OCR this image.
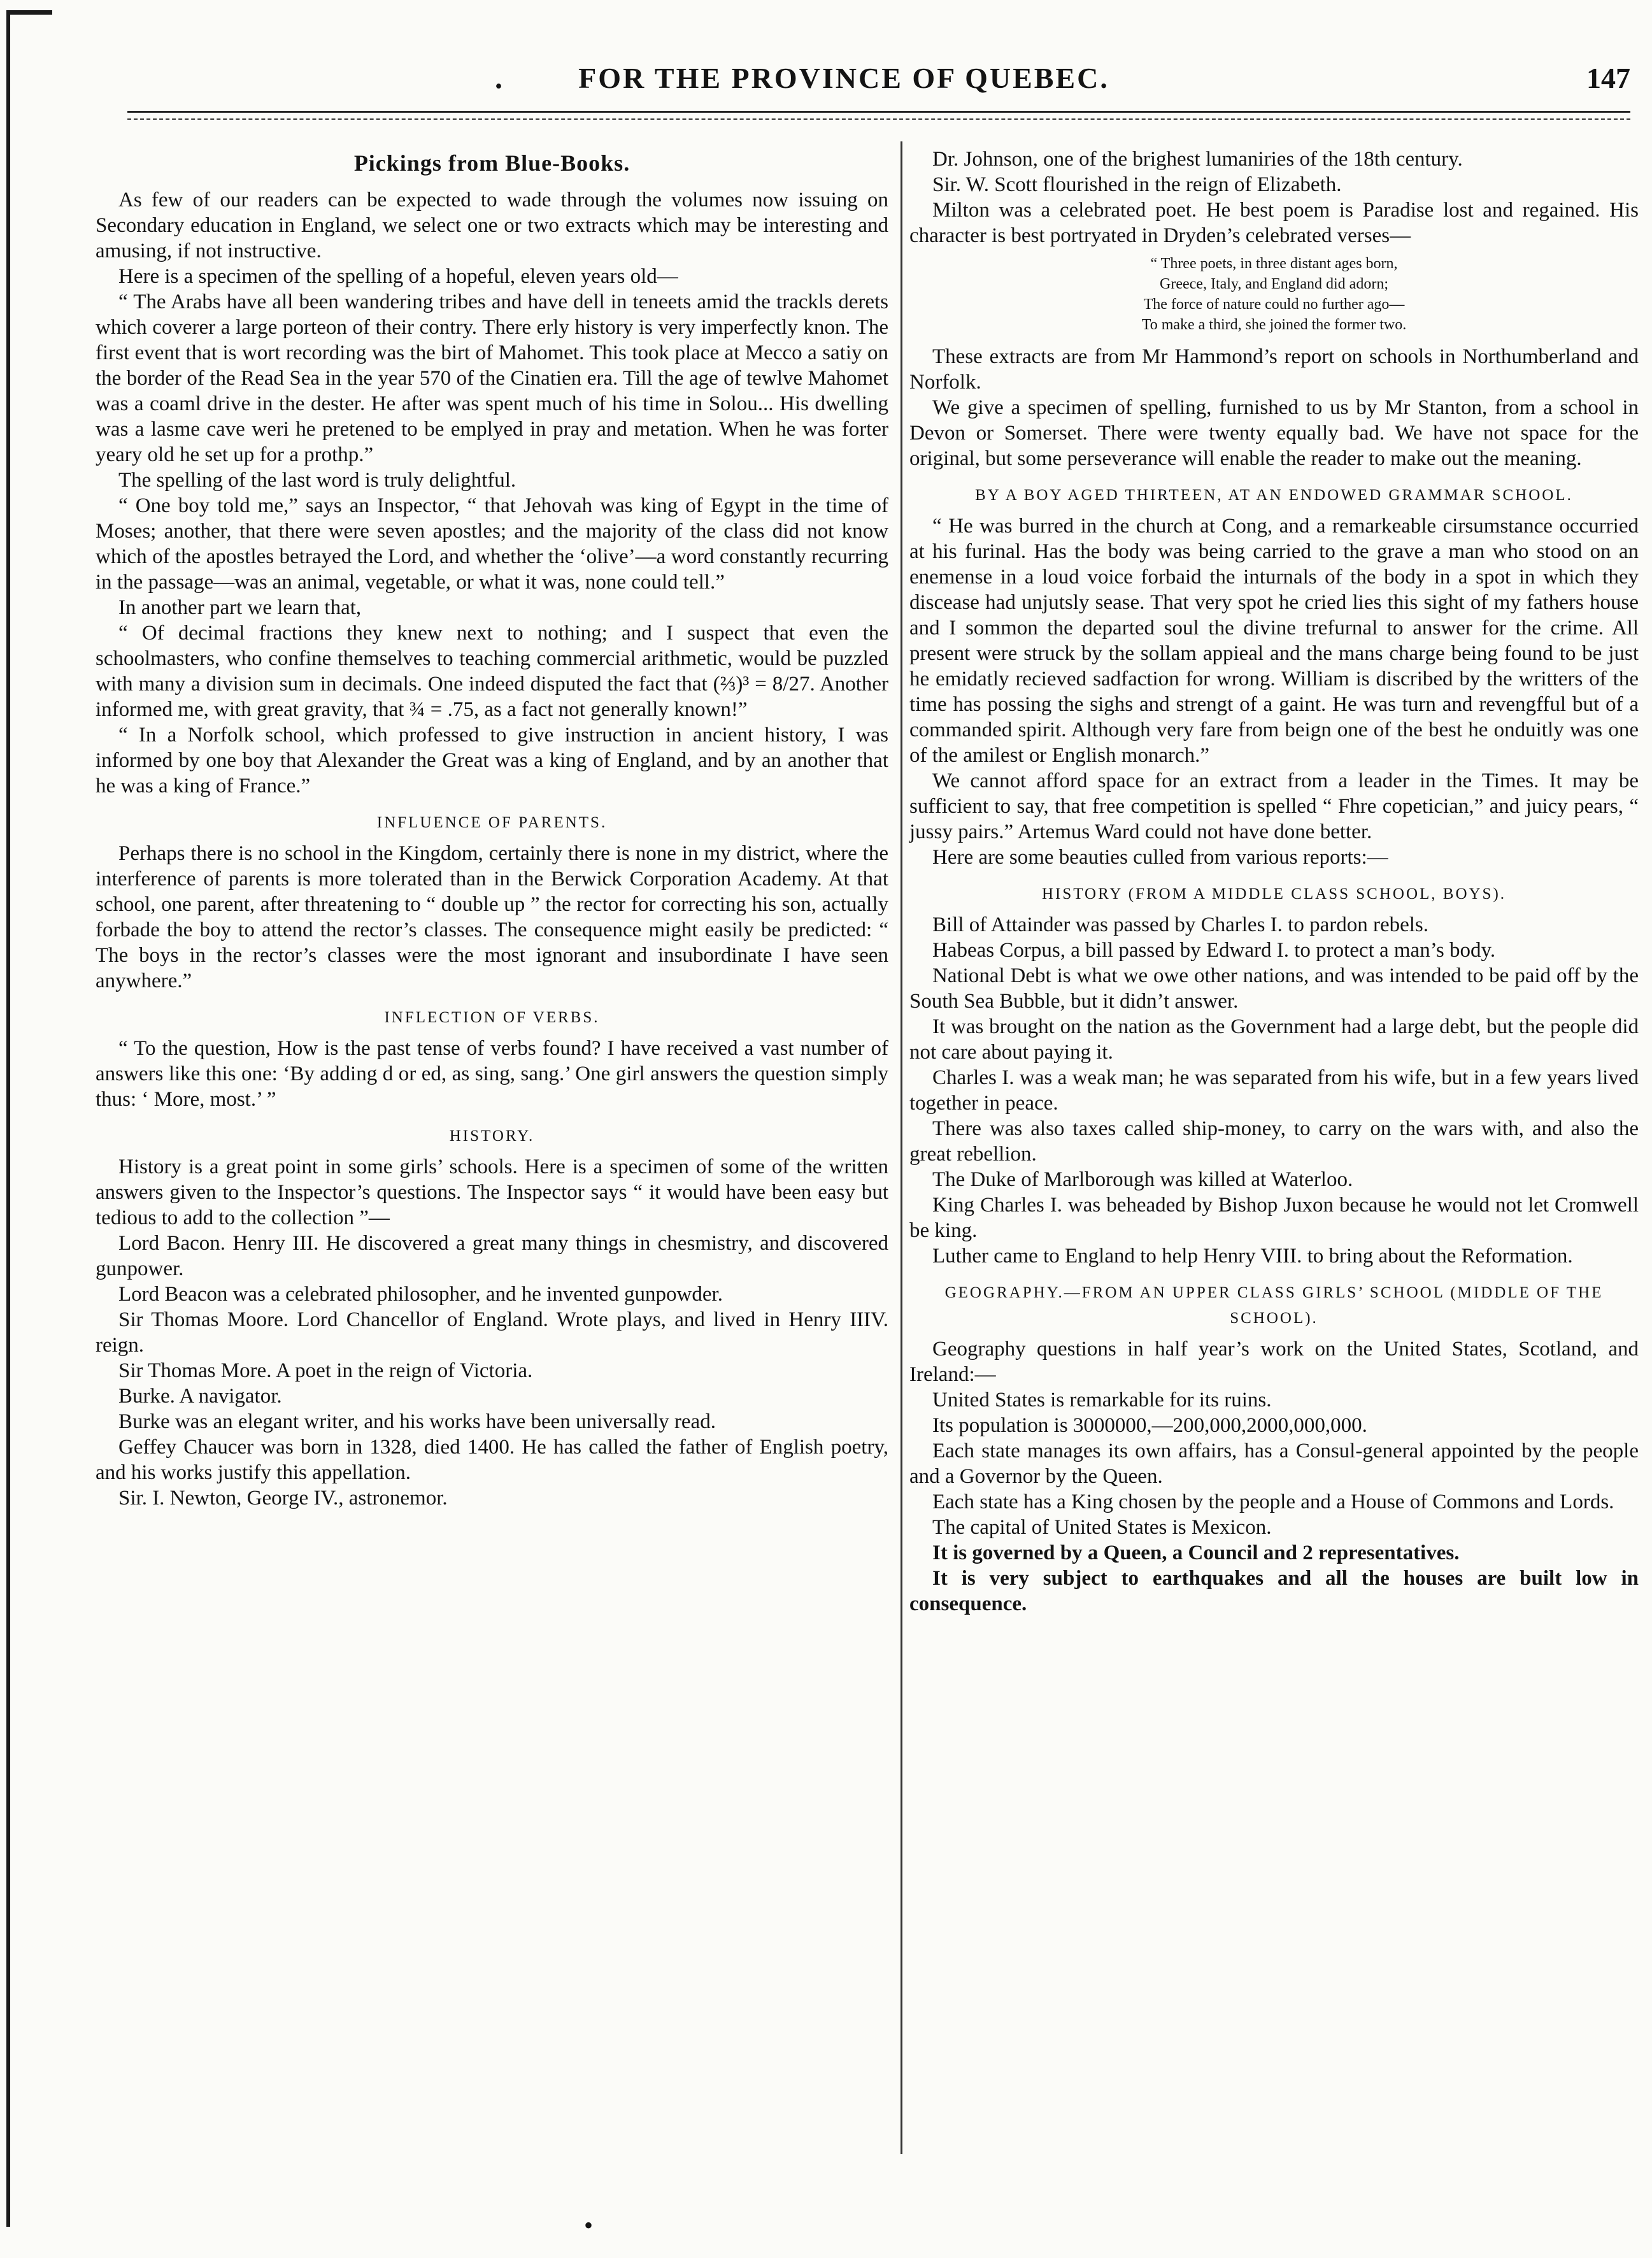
·	FOR THE PROVINCE OF QUEBEC.	147
Pickings from Blue-Books.

As few of our readers can be expected to wade through the volumes now issuing on Secondary education in England, we select one or two extracts which may be interesting and amusing, if not instructive.

Here is a specimen of the spelling of a hopeful, eleven years old—

“ The Arabs have all been wandering tribes and have dell in teneets amid the trackls derets which coverer a large porteon of their contry. There erly history is very imperfectly knon. The first event that is wort recording was the birt of Mahomet. This took place at Mecco a satiy on the border of the Read Sea in the year 570 of the Cinatien era. Till the age of tewlve Mahomet was a coaml drive in the dester. He after was spent much of his time in Solou... His dwelling was a lasme cave weri he pretened to be emplyed in pray and metation. When he was forter yeary old he set up for a prothp.”

The spelling of the last word is truly delightful.

“ One boy told me,” says an Inspector, “ that Jehovah was king of Egypt in the time of Moses; another, that there were seven apostles; and the majority of the class did not know which of the apostles betrayed the Lord, and whether the ‘olive’—a word constantly recurring in the passage—was an animal, vegetable, or what it was, none could tell.”

In another part we learn that,

“ Of decimal fractions they knew next to nothing; and I suspect that even the schoolmasters, who confine themselves to teaching commercial arithmetic, would be puzzled with many a division sum in decimals. One indeed disputed the fact that (⅔)³ = 8/27. Another informed me, with great gravity, that ¾ = .75, as a fact not generally known!”

“ In a Norfolk school, which professed to give instruction in ancient history, I was informed by one boy that Alexander the Great was a king of England, and by an another that he was a king of France.”

INFLUENCE OF PARENTS.

Perhaps there is no school in the Kingdom, certainly there is none in my district, where the interference of parents is more tolerated than in the Berwick Corporation Academy. At that school, one parent, after threatening to “ double up ” the rector for correcting his son, actually forbade the boy to attend the rector’s classes. The consequence might easily be predicted: “ The boys in the rector’s classes were the most ignorant and insubordinate I have seen anywhere.”

INFLECTION OF VERBS.

“ To the question, How is the past tense of verbs found? I have received a vast number of answers like this one: ‘By adding d or ed, as sing, sang.’ One girl answers the question simply thus: ‘ More, most.’ ”

HISTORY.

History is a great point in some girls’ schools. Here is a specimen of some of the written answers given to the Inspector’s questions. The Inspector says “ it would have been easy but tedious to add to the collection ”—

Lord Bacon. Henry III. He discovered a great many things in chesmistry, and discovered gunpower.

Lord Beacon was a celebrated philosopher, and he invented gunpowder.

Sir Thomas Moore. Lord Chancellor of England. Wrote plays, and lived in Henry IIIV. reign.

Sir Thomas More. A poet in the reign of Victoria.

Burke. A navigator.

Burke was an elegant writer, and his works have been universally read.

Geffey Chaucer was born in 1328, died 1400. He has called the father of English poetry, and his works justify this appellation.

Sir. I. Newton, George IV., astronemor.

Dr. Johnson, one of the brighest lumaniries of the 18th century.

Sir. W. Scott flourished in the reign of Elizabeth.

Milton was a celebrated poet. He best poem is Paradise lost and regained. His character is best portryated in Dryden’s celebrated verses—

“ Three poets, in three distant ages born,
Greece, Italy, and England did adorn;
The force of nature could no further ago—
To make a third, she joined the former two.

These extracts are from Mr Hammond’s report on schools in Northumberland and Norfolk.

We give a specimen of spelling, furnished to us by Mr Stanton, from a school in Devon or Somerset. There were twenty equally bad. We have not space for the original, but some perseverance will enable the reader to make out the meaning.

BY A BOY AGED THIRTEEN, AT AN ENDOWED GRAMMAR SCHOOL.

“ He was burred in the church at Cong, and a remarkeable cirsumstance occurried at his furinal. Has the body was being carried to the grave a man who stood on an enemense in a loud voice forbaid the inturnals of the body in a spot in which they discease had unjutsly sease. That very spot he cried lies this sight of my fathers house and I sommon the departed soul the divine trefurnal to answer for the crime. All present were struck by the sollam appieal and the mans charge being found to be just he emidatly recieved sadfaction for wrong. William is discribed by the writters of the time has possing the sighs and strengt of a gaint. He was turn and revengfful but of a commanded spirit. Although very fare from beign one of the best he onduitly was one of the amilest or English monarch.”

We cannot afford space for an extract from a leader in the Times. It may be sufficient to say, that free competition is spelled “ Fhre copetician,” and juicy pears, “ jussy pairs.” Artemus Ward could not have done better.

Here are some beauties culled from various reports:—

HISTORY (FROM A MIDDLE CLASS SCHOOL, BOYS).

Bill of Attainder was passed by Charles I. to pardon rebels.

Habeas Corpus, a bill passed by Edward I. to protect a man’s body.

National Debt is what we owe other nations, and was intended to be paid off by the South Sea Bubble, but it didn’t answer.

It was brought on the nation as the Government had a large debt, but the people did not care about paying it.

Charles I. was a weak man; he was separated from his wife, but in a few years lived together in peace.

There was also taxes called ship-money, to carry on the wars with, and also the great rebellion.

The Duke of Marlborough was killed at Waterloo.

King Charles I. was beheaded by Bishop Juxon because he would not let Cromwell be king.

Luther came to England to help Henry VIII. to bring about the Reformation.

GEOGRAPHY.—FROM AN UPPER CLASS GIRLS’ SCHOOL (MIDDLE OF THE SCHOOL).

Geography questions in half year’s work on the United States, Scotland, and Ireland:—

United States is remarkable for its ruins.

Its population is 3000000,—200,000,2000,000,000.

Each state manages its own affairs, has a Consul-general appointed by the people and a Governor by the Queen.

Each state has a King chosen by the people and a House of Commons and Lords.

The capital of United States is Mexicon.

It is governed by a Queen, a Council and 2 representatives.

It is very subject to earthquakes and all the houses are built low in consequence.

•
